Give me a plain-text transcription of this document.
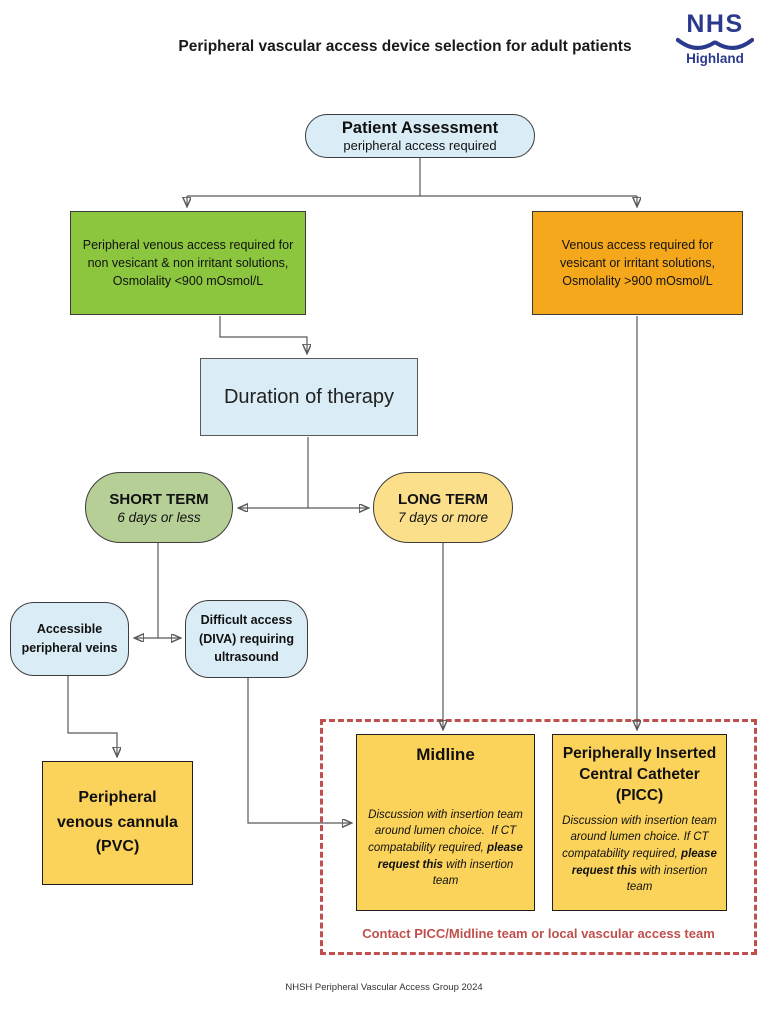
Peripheral vascular access device selection for adult patients
NHS
Highland
Patient Assessment
peripheral access required
Peripheral venous access required for non vesicant & non irritant solutions, Osmolality <900 mOsmol/L
Venous access required for vesicant or irritant solutions, Osmolality >900 mOsmol/L
Duration of therapy
SHORT TERM
6 days or less
LONG TERM
7 days or more
Accessible peripheral veins
Difficult access (DIVA) requiring ultrasound
Peripheral venous cannula (PVC)
Midline
Discussion with insertion team around lumen choice.  If CT compatability required, please request this with insertion team
Peripherally Inserted Central Catheter (PICC)
Discussion with insertion team around lumen choice. If CT compatability required, please request this with insertion team
Contact PICC/Midline team or local vascular access team
NHSH Peripheral Vascular Access Group 2024
